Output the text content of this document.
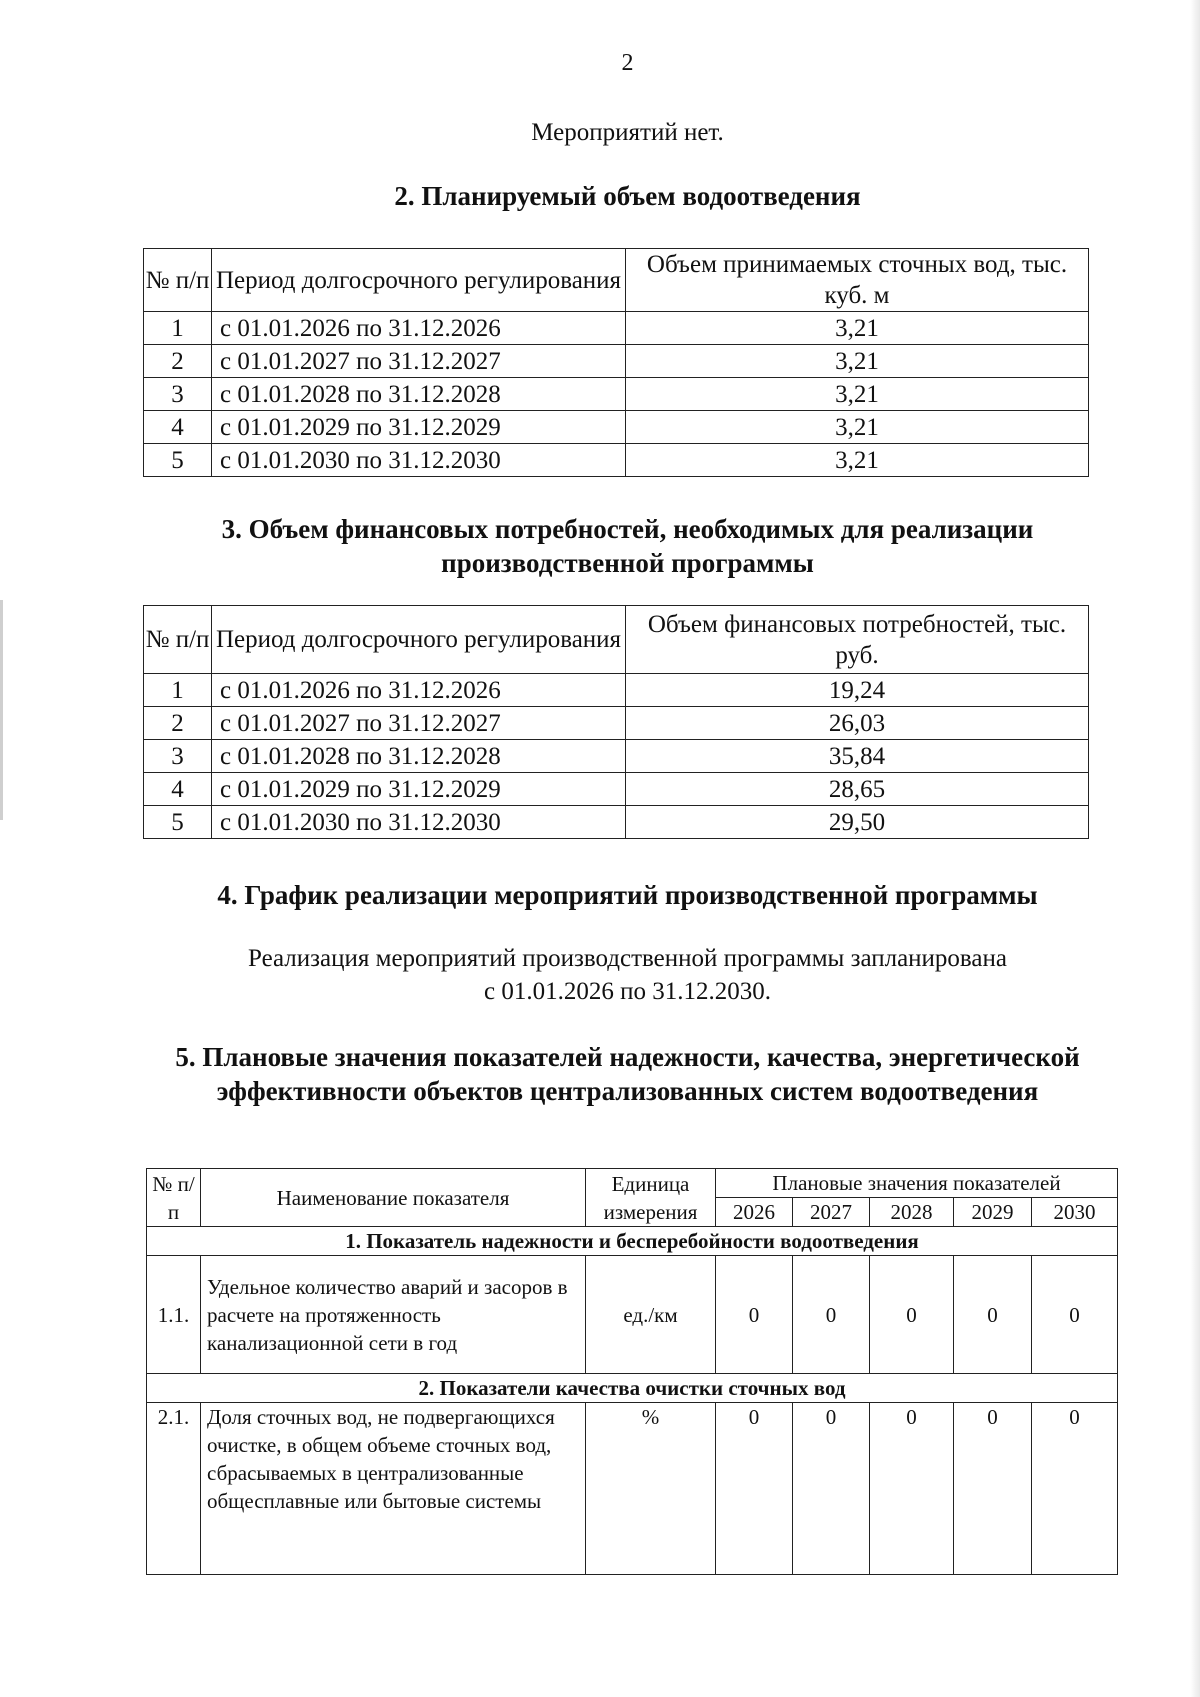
2
Мероприятий нет.
2. Планируемый объем водоотведения
№ п/п	Период долгосрочного регулирования	Объем принимаемых сточных вод, тыс. куб. м
1	с 01.01.2026 по 31.12.2026	3,21
2	с 01.01.2027 по 31.12.2027	3,21
3	с 01.01.2028 по 31.12.2028	3,21
4	с 01.01.2029 по 31.12.2029	3,21
5	с 01.01.2030 по 31.12.2030	3,21
3. Объем финансовых потребностей, необходимых для реализации
производственной программы
№ п/п	Период долгосрочного регулирования	Объем финансовых потребностей, тыс. руб.
1	с 01.01.2026 по 31.12.2026	19,24
2	с 01.01.2027 по 31.12.2027	26,03
3	с 01.01.2028 по 31.12.2028	35,84
4	с 01.01.2029 по 31.12.2029	28,65
5	с 01.01.2030 по 31.12.2030	29,50
4. График реализации мероприятий производственной программы
Реализация мероприятий производственной программы запланирована
с 01.01.2026 по 31.12.2030.
5. Плановые значения показателей надежности, качества, энергетической
эффективности объектов централизованных систем водоотведения
№ п/п	Наименование показателя	Единица измерения	Плановые значения показателей				
			2026	2027	2028	2029	2030
1. Показатель надежности и бесперебойности водоотведения							
1.1.	Удельное количество аварий и засоров в расчете на протяженность канализационной сети в год	ед./км	0	0	0	0	0
2. Показатели качества очистки сточных вод							
2.1.	Доля сточных вод, не подвергающихся очистке, в общем объеме сточных вод, сбрасываемых в централизованные общесплавные или бытовые системы	%	0	0	0	0	0
